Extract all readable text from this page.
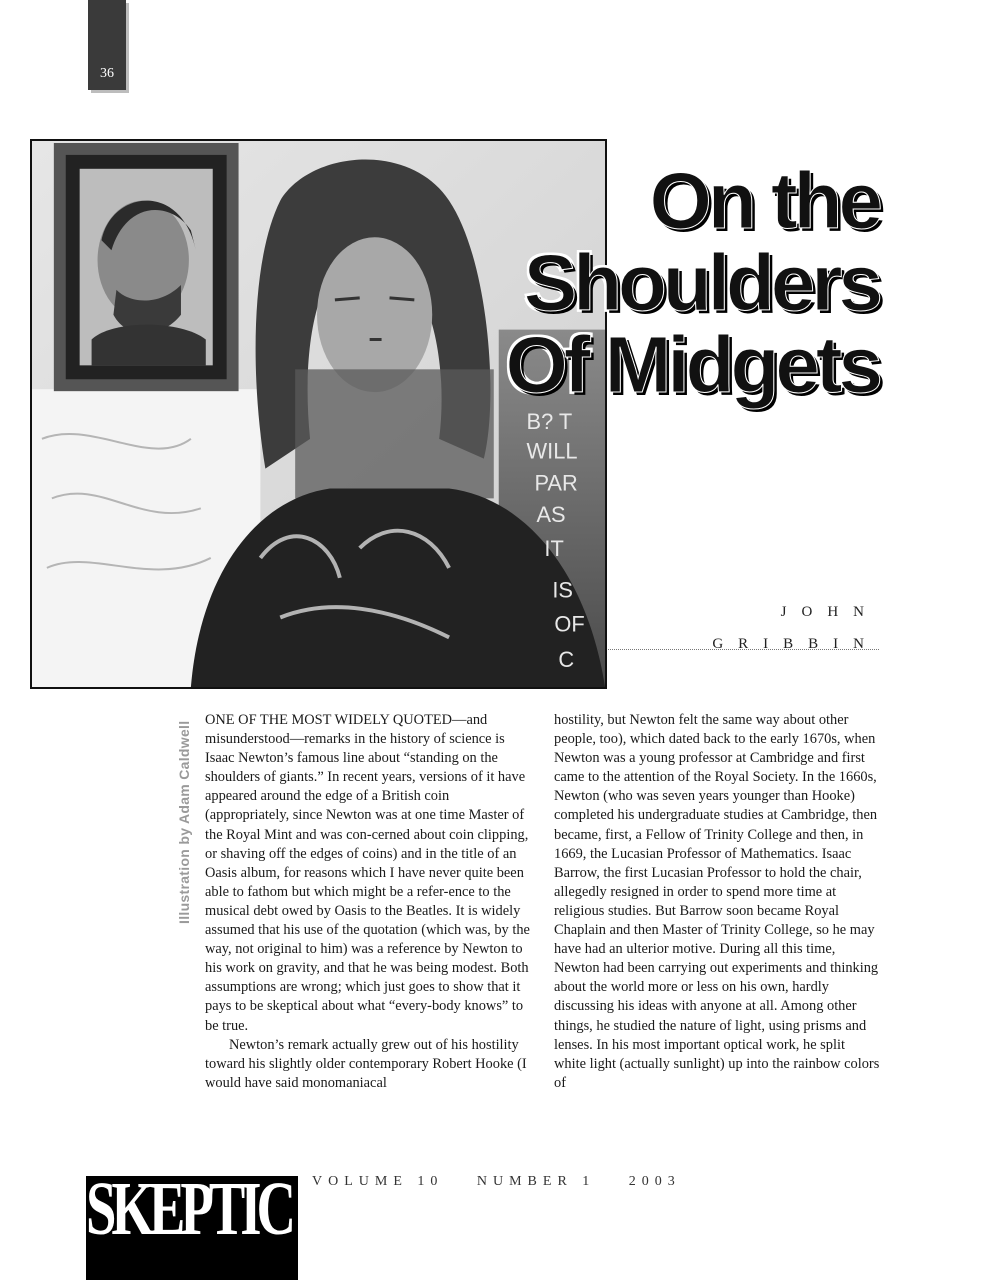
36
B? T
WILL
PAR
AS
IT
IS
OF
C
On the
Shoulders
Of Midgets
JOHN
GRIBBIN
Illustration by Adam Caldwell

ONE OF THE MOST WIDELY QUOTED—and misunderstood—remarks in the history of science is Isaac Newton’s famous line about “standing on the shoulders of giants.” In recent years, versions of it have appeared around the edge of a British coin (appropriately, since Newton was at one time Master of the Royal Mint and was con-cerned about coin clipping, or shaving off the edges of coins) and in the title of an Oasis album, for reasons which I have never quite been able to fathom but which might be a refer-ence to the musical debt owed by Oasis to the Beatles. It is widely assumed that his use of the quotation (which was, by the way, not original to him) was a reference by Newton to his work on gravity, and that he was being modest. Both assumptions are wrong; which just goes to show that it pays to be skeptical about what “every-body knows” to be true.

Newton’s remark actually grew out of his hostility toward his slightly older contemporary Robert Hooke (I would have said monomaniacal

hostility, but Newton felt the same way about other people, too), which dated back to the early 1670s, when Newton was a young professor at Cambridge and first came to the attention of the Royal Society. In the 1660s, Newton (who was seven years younger than Hooke) completed his undergraduate studies at Cambridge, then became, first, a Fellow of Trinity College and then, in 1669, the Lucasian Professor of Mathematics. Isaac Barrow, the first Lucasian Professor to hold the chair, allegedly resigned in order to spend more time at religious studies. But Barrow soon became Royal Chaplain and then Master of Trinity College, so he may have had an ulterior motive. During all this time, Newton had been carrying out experiments and thinking about the world more or less on his own, hardly discussing his ideas with anyone at all. Among other things, he studied the nature of light, using prisms and lenses. In his most important optical work, he split white light (actually sunlight) up into the rainbow colors of

SKEPTIC	VOLUME 10 NUMBER 1 2003
